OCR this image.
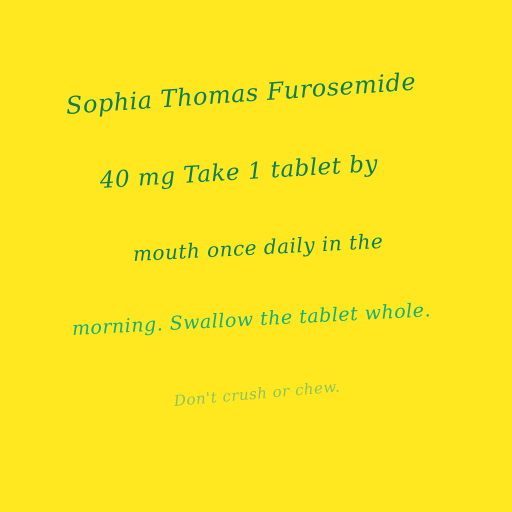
Sophia Thomas Furosemide
40 mg Take 1 tablet by
mouth once daily in the
morning. Swallow the tablet whole.
Don't crush or chew.
